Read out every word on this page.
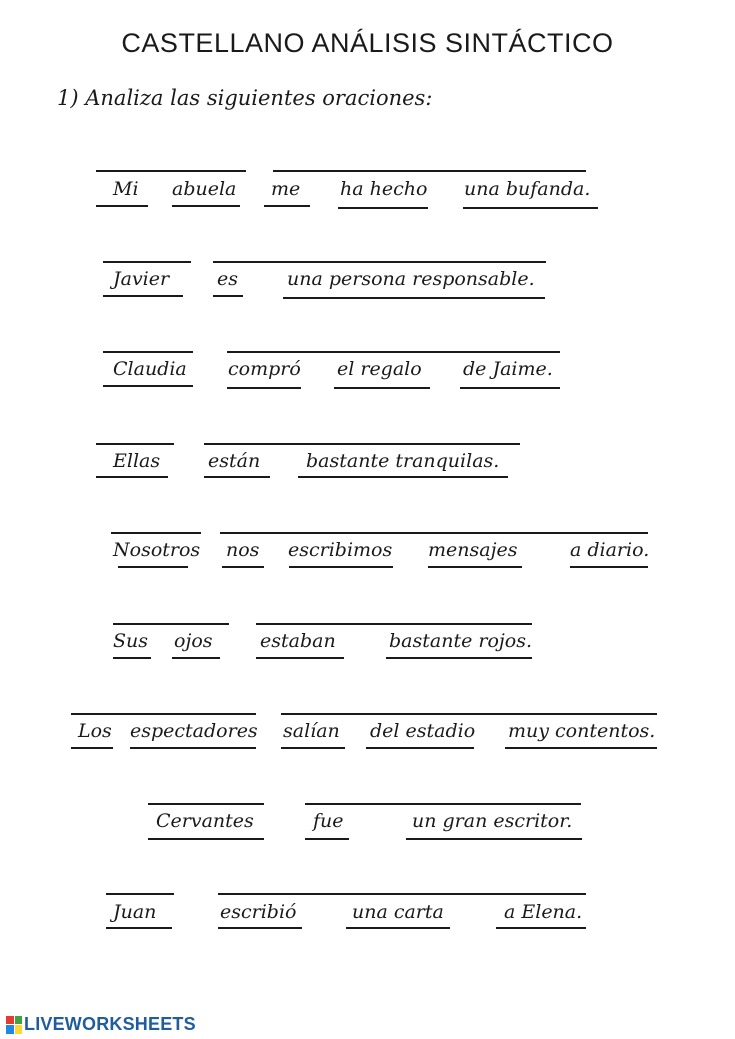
CASTELLANO ANÁLISIS SINTÁCTICO
1) Analiza las siguientes oraciones:
Mi abuela me ha hecho una bufanda.
Javier	es	una persona responsable.
Claudia compró el regalo de Jaime.
Ellas	están bastante tranquilas.
Nosotros nos escribimos mensajes	a diario.
Sus ojos estaban	bastante rojos.
Los espectadores salían del estadio muy contentos.
Cervantes	fue	un gran escritor.
Juan	escribió	una carta	a Elena.
LIVEWORKSHEETS
